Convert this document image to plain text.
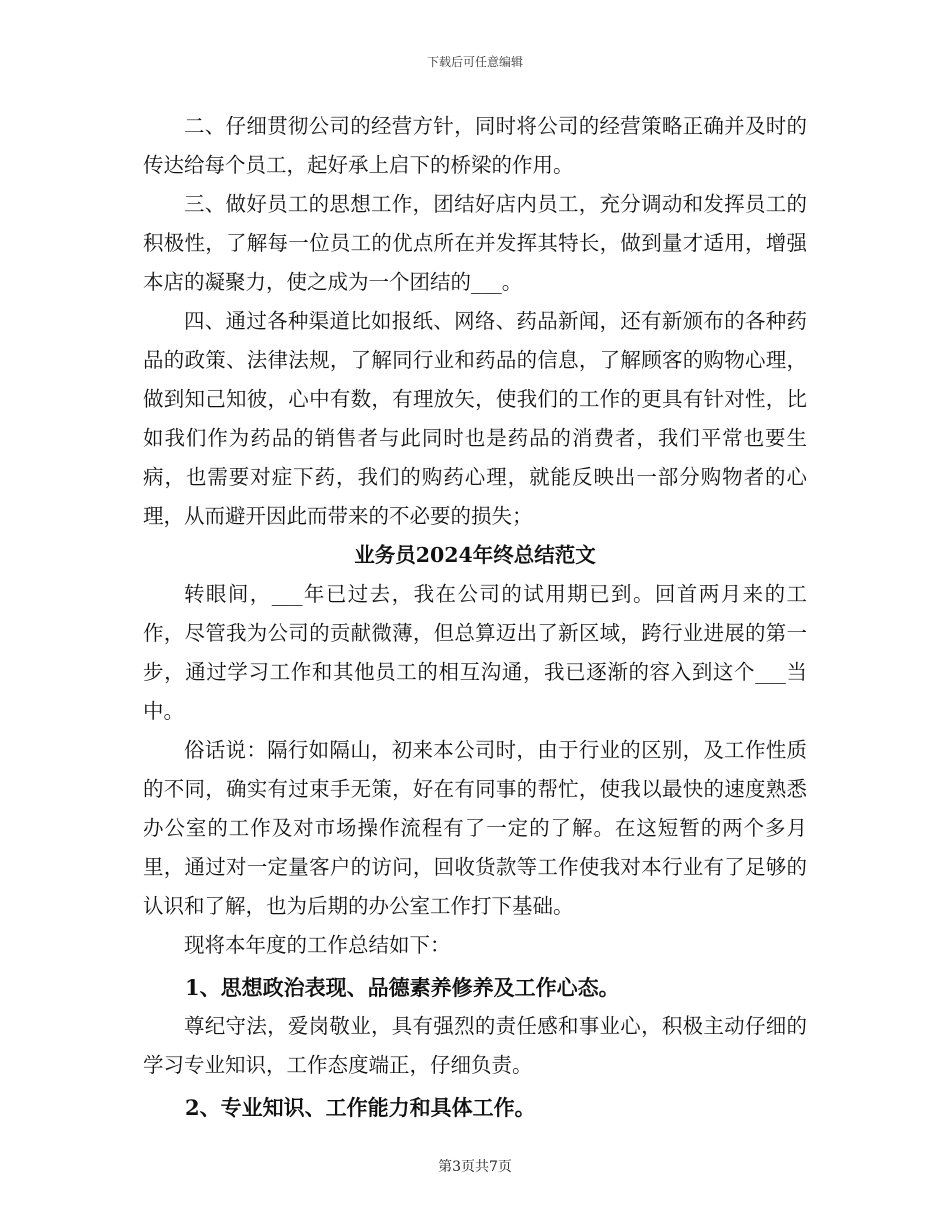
下载后可任意编辑

二、仔细贯彻公司的经营方针，同时将公司的经营策略正确并及时的传达给每个员工，起好承上启下的桥梁的作用。

三、做好员工的思想工作，团结好店内员工，充分调动和发挥员工的积极性，了解每一位员工的优点所在并发挥其特长，做到量才适用，增强本店的凝聚力，使之成为一个团结的___。

四、通过各种渠道比如报纸、网络、药品新闻，还有新颁布的各种药品的政策、法律法规，了解同行业和药品的信息，了解顾客的购物心理，做到知己知彼，心中有数，有理放矢，使我们的工作的更具有针对性，比如我们作为药品的销售者与此同时也是药品的消费者，我们平常也要生病，也需要对症下药，我们的购药心理，就能反映出一部分购物者的心理，从而避开因此而带来的不必要的损失；

业务员2024年终总结范文

转眼间，___年已过去，我在公司的试用期已到。回首两月来的工作，尽管我为公司的贡献微薄，但总算迈出了新区域，跨行业进展的第一步，通过学习工作和其他员工的相互沟通，我已逐渐的容入到这个___当中。

俗话说：隔行如隔山，初来本公司时，由于行业的区别，及工作性质的不同，确实有过束手无策，好在有同事的帮忙，使我以最快的速度熟悉办公室的工作及对市场操作流程有了一定的了解。在这短暂的两个多月里，通过对一定量客户的访问，回收货款等工作使我对本行业有了足够的认识和了解，也为后期的办公室工作打下基础。

现将本年度的工作总结如下：

1、思想政治表现、品德素养修养及工作心态。

尊纪守法，爱岗敬业，具有强烈的责任感和事业心，积极主动仔细的学习专业知识，工作态度端正，仔细负责。

2、专业知识、工作能力和具体工作。

第3页共7页
